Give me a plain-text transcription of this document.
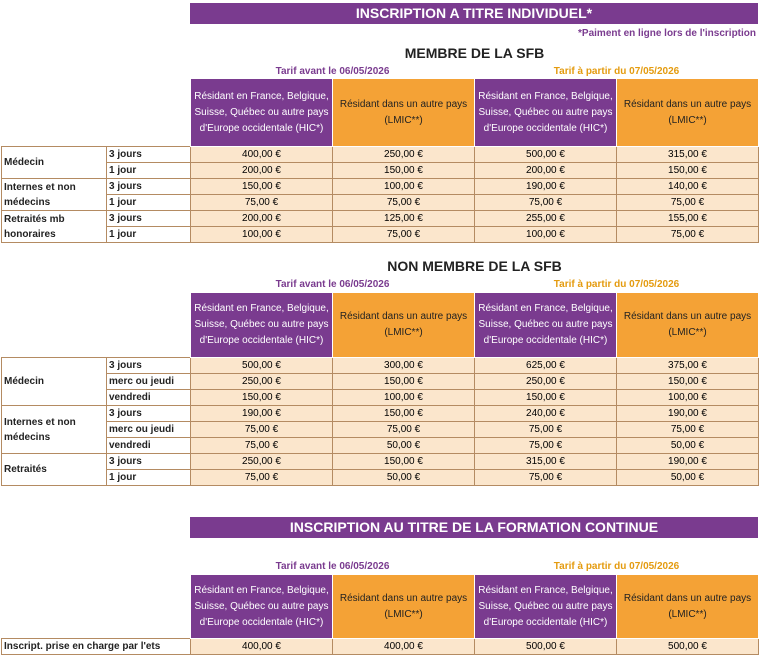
INSCRIPTION A TITRE INDIVIDUEL*
*Paiment en ligne lors de l'inscription
MEMBRE DE LA SFB
Tarif avant le 06/05/2026	Tarif à partir du 07/05/2026
		Résidant en France, Belgique, Suisse, Québec ou autre pays d'Europe occidentale (HIC*)	Résidant dans un autre pays (LMIC**)	Résidant en France, Belgique, Suisse, Québec ou autre pays d'Europe occidentale (HIC*)	Résidant dans un autre pays (LMIC**)
Médecin	3 jours	400,00 €	250,00 €	500,00 €	315,00 €
	1 jour	200,00 €	150,00 €	200,00 €	150,00 €
Internes et non médecins	3 jours	150,00 €	100,00 €	190,00 €	140,00 €
	1 jour	75,00 €	75,00 €	75,00 €	75,00 €
Retraités mb honoraires	3 jours	200,00 €	125,00 €	255,00 €	155,00 €
	1 jour	100,00 €	75,00 €	100,00 €	75,00 €
NON MEMBRE DE LA SFB
Tarif avant le 06/05/2026	Tarif à partir du 07/05/2026
		Résidant en France, Belgique, Suisse, Québec ou autre pays d'Europe occidentale (HIC*)	Résidant dans un autre pays (LMIC**)	Résidant en France, Belgique, Suisse, Québec ou autre pays d'Europe occidentale (HIC*)	Résidant dans un autre pays (LMIC**)
Médecin	3 jours	500,00 €	300,00 €	625,00 €	375,00 €
	merc ou jeudi	250,00 €	150,00 €	250,00 €	150,00 €
	vendredi	150,00 €	100,00 €	150,00 €	100,00 €
Internes et non médecins	3 jours	190,00 €	150,00 €	240,00 €	190,00 €
	merc ou jeudi	75,00 €	75,00 €	75,00 €	75,00 €
	vendredi	75,00 €	50,00 €	75,00 €	50,00 €
Retraités	3 jours	250,00 €	150,00 €	315,00 €	190,00 €
	1 jour	75,00 €	50,00 €	75,00 €	50,00 €
INSCRIPTION AU TITRE DE LA FORMATION CONTINUE
Tarif avant le 06/05/2026	Tarif à partir du 07/05/2026
	Résidant en France, Belgique, Suisse, Québec ou autre pays d'Europe occidentale (HIC*)	Résidant dans un autre pays (LMIC**)	Résidant en France, Belgique, Suisse, Québec ou autre pays d'Europe occidentale (HIC*)	Résidant dans un autre pays (LMIC**)
Inscript. prise en charge par l'ets	400,00 €	400,00 €	500,00 €	500,00 €
